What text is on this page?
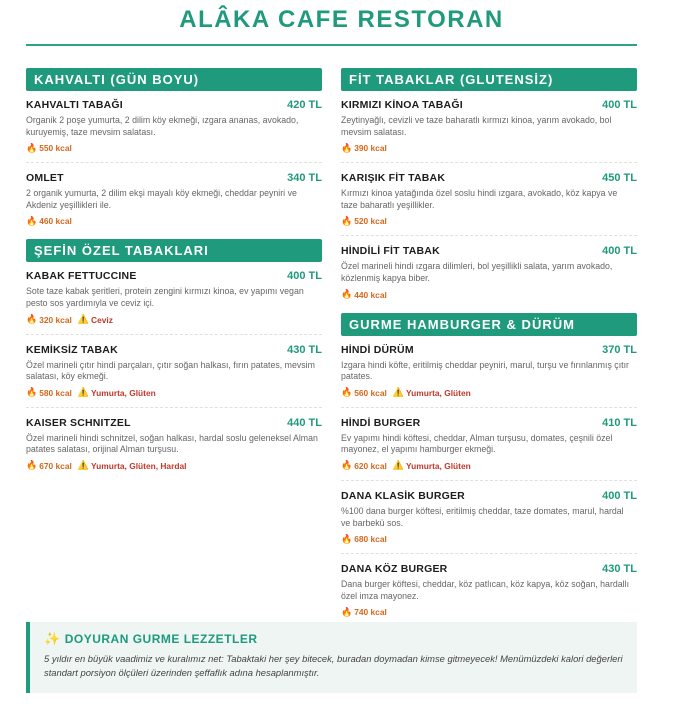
ALÂKA CAFE RESTORAN
KAHVALTI (GÜN BOYU)
KAHVALTI TABAĞI	420 TL
Organik 2 poşe yumurta, 2 dilim köy ekmeği, ızgara ananas, avokado, kuruyemiş, taze mevsim salatası.
🔥 550 kcal
OMLET	340 TL
2 organik yumurta, 2 dilim ekşi mayalı köy ekmeği, cheddar peyniri ve Akdeniz yeşillikleri ile.
🔥 460 kcal
ŞEFİN ÖZEL TABAKLARI
KABAK FETTUCCINE	400 TL
Sote taze kabak şeritleri, protein zengini kırmızı kinoa, ev yapımı vegan pesto sos yardımıyla ve ceviz içi.
🔥 320 kcal ⚠️ Ceviz
KEMİKSİZ TABAK	430 TL
Özel marineli çıtır hindi parçaları, çıtır soğan halkası, fırın patates, mevsim salatası, köy ekmeği.
🔥 580 kcal ⚠️ Yumurta, Glüten
KAISER SCHNITZEL	440 TL
Özel marineli hindi schnitzel, soğan halkası, hardal soslu geleneksel Alman patates salatası, orijinal Alman turşusu.
🔥 670 kcal ⚠️ Yumurta, Glüten, Hardal
FİT TABAKLAR (GLUTENSİZ)
KIRMIZI KİNOA TABAĞI	400 TL
Zeytinyağlı, cevizli ve taze baharatlı kırmızı kinoa, yarım avokado, bol mevsim salatası.
🔥 390 kcal
KARIŞIK FİT TABAK	450 TL
Kırmızı kinoa yatağında özel soslu hindi ızgara, avokado, köz kapya ve taze baharatlı yeşillikler.
🔥 520 kcal
HİNDİLİ FİT TABAK	400 TL
Özel marineli hindi ızgara dilimleri, bol yeşillikli salata, yarım avokado, közlenmiş kapya biber.
🔥 440 kcal
GURME HAMBURGER & DÜRÜM
HİNDİ DÜRÜM	370 TL
Izgara hindi köfte, eritilmiş cheddar peyniri, marul, turşu ve fırınlanmış çıtır patates.
🔥 560 kcal ⚠️ Yumurta, Glüten
HİNDİ BURGER	410 TL
Ev yapımı hindi köftesi, cheddar, Alman turşusu, domates, çeşnili özel mayonez, el yapımı hamburger ekmeği.
🔥 620 kcal ⚠️ Yumurta, Glüten
DANA KLASİK BURGER	400 TL
%100 dana burger köftesi, eritilmiş cheddar, taze domates, marul, hardal ve barbekü sos.
🔥 680 kcal
DANA KÖZ BURGER	430 TL
Dana burger köftesi, cheddar, köz patlıcan, köz kapya, köz soğan, hardallı özel imza mayonez.
🔥 740 kcal
✨ DOYURAN GURME LEZZETLER
5 yıldır en büyük vaadimiz ve kuralımız net: Tabaktaki her şey bitecek, buradan doymadan kimse gitmeyecek! Menümüzdeki kalori değerleri standart porsiyon ölçüleri üzerinden şeffaflık adına hesaplanmıştır.
